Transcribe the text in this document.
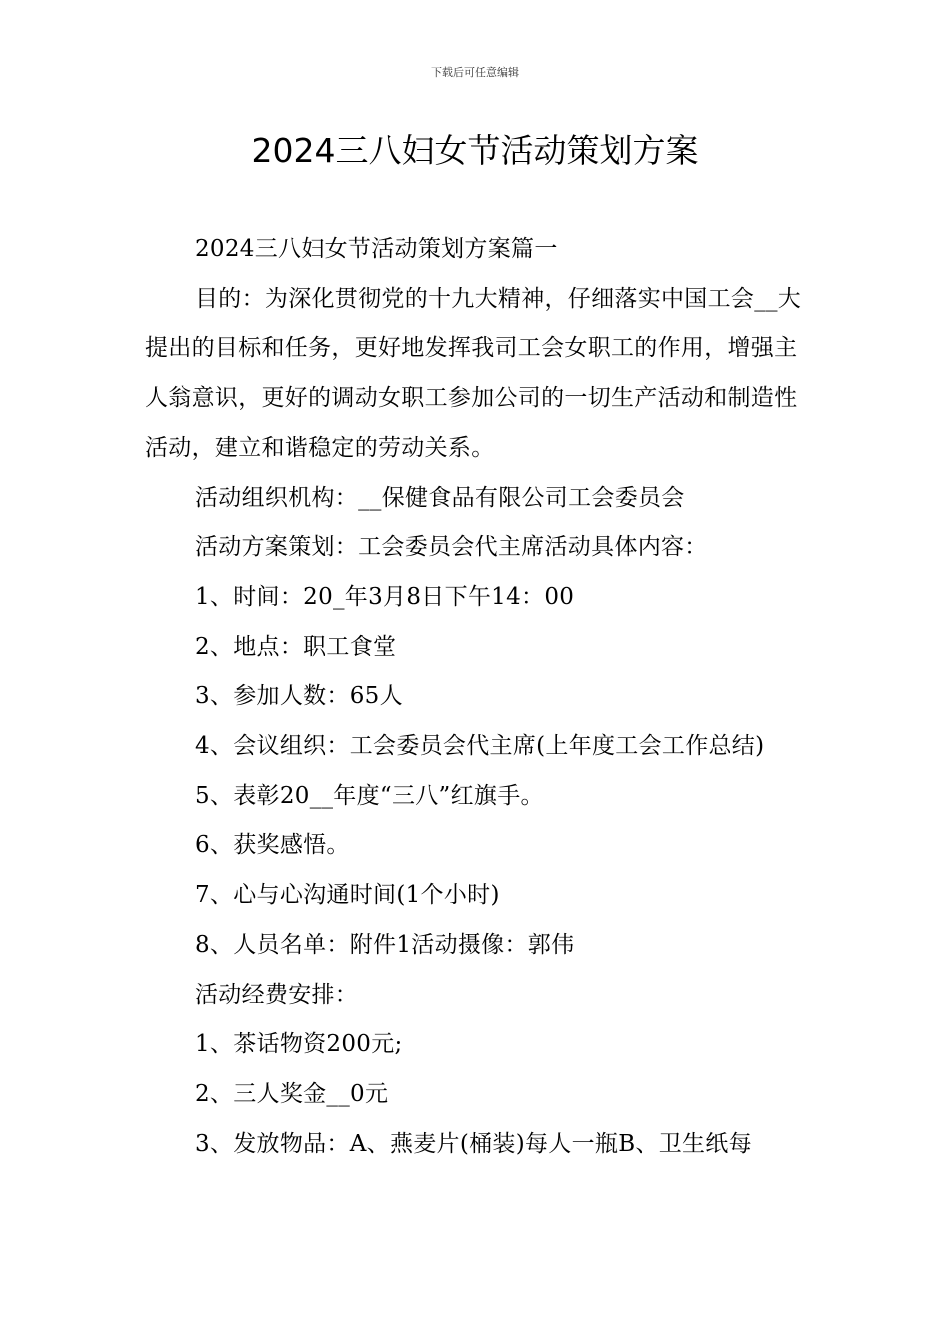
下载后可任意编辑
2024三八妇女节活动策划方案

2024三八妇女节活动策划方案篇一

目的：为深化贯彻党的十九大精神，仔细落实中国工会__大提出的目标和任务，更好地发挥我司工会女职工的作用，增强主人翁意识，更好的调动女职工参加公司的一切生产活动和制造性活动，建立和谐稳定的劳动关系。

活动组织机构：__保健食品有限公司工会委员会

活动方案策划：工会委员会代主席活动具体内容：

1、时间：20_年3月8日下午14：00

2、地点：职工食堂

3、参加人数：65人

4、会议组织：工会委员会代主席(上年度工会工作总结)

5、表彰20__年度“三八”红旗手。

6、获奖感悟。

7、心与心沟通时间(1个小时)

8、人员名单：附件1活动摄像：郭伟

活动经费安排：

1、茶话物资200元;

2、三人奖金__0元

3、发放物品：A、燕麦片(桶装)每人一瓶B、卫生纸每
